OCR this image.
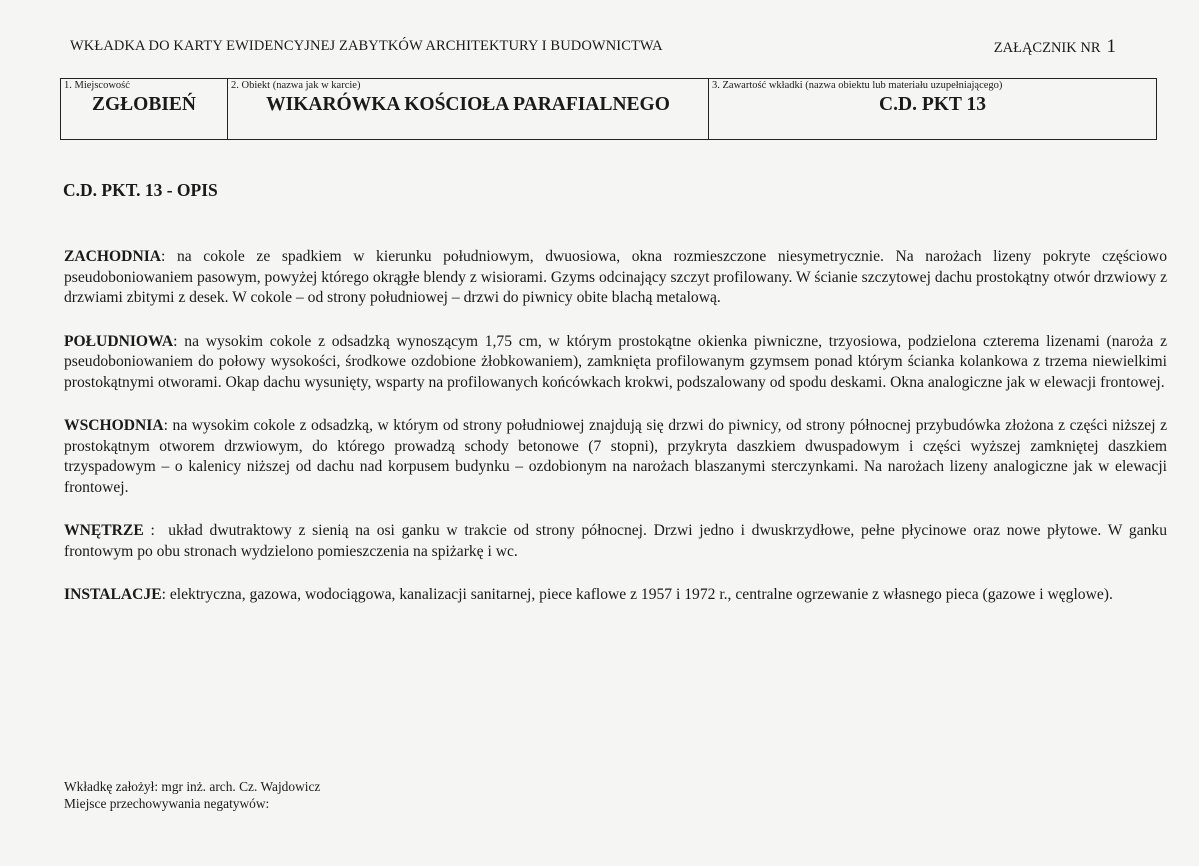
WKŁADKA DO KARTY EWIDENCYJNEJ ZABYTKÓW ARCHITEKTURY I BUDOWNICTWA	ZAŁĄCZNIK NR 1
1. Miejscowość
ZGŁOBIEŃ
2. Obiekt (nazwa jak w karcie)
WIKARÓWKA KOŚCIOŁA PARAFIALNEGO
3. Zawartość wkładki (nazwa obiektu lub materiału uzupełniającego)
C.D. PKT 13
C.D. PKT. 13 - OPIS

ZACHODNIA: na cokole ze spadkiem w kierunku południowym, dwuosiowa, okna rozmieszczone niesymetrycznie. Na narożach lizeny pokryte częściowo pseudoboniowaniem pasowym, powyżej którego okrągłe blendy z wisiorami. Gzyms odcinający szczyt profilowany. W ścianie szczytowej dachu prostokątny otwór drzwiowy z drzwiami zbitymi z desek. W cokole – od strony południowej – drzwi do piwnicy obite blachą metalową.

POŁUDNIOWA: na wysokim cokole z odsadzką wynoszącym 1,75 cm, w którym prostokątne okienka piwniczne, trzyosiowa, podzielona czterema lizenami (naroża z pseudoboniowaniem do połowy wysokości, środkowe ozdobione żłobkowaniem), zamknięta profilowanym gzymsem ponad którym ścianka kolankowa z trzema niewielkimi prostokątnymi otworami. Okap dachu wysunięty, wsparty na profilowanych końcówkach krokwi, podszalowany od spodu deskami. Okna analogiczne jak w elewacji frontowej.

WSCHODNIA: na wysokim cokole z odsadzką, w którym od strony południowej znajdują się drzwi do piwnicy, od strony północnej przybudówka złożona z części niższej z prostokątnym otworem drzwiowym, do którego prowadzą schody betonowe (7 stopni), przykryta daszkiem dwuspadowym i części wyższej zamkniętej daszkiem trzyspadowym – o kalenicy niższej od dachu nad korpusem budynku – ozdobionym na narożach blaszanymi sterczynkami. Na narożach lizeny analogiczne jak w elewacji frontowej.

WNĘTRZE :  układ dwutraktowy z sienią na osi ganku w trakcie od strony północnej. Drzwi jedno i dwuskrzydłowe, pełne płycinowe oraz nowe płytowe. W ganku frontowym po obu stronach wydzielono pomieszczenia na spiżarkę i wc.

INSTALACJE: elektryczna, gazowa, wodociągowa, kanalizacji sanitarnej, piece kaflowe z 1957 i 1972 r., centralne ogrzewanie z własnego pieca (gazowe i węglowe).

Wkładkę założył: mgr inż. arch. Cz. Wajdowicz
Miejsce przechowywania negatywów:
